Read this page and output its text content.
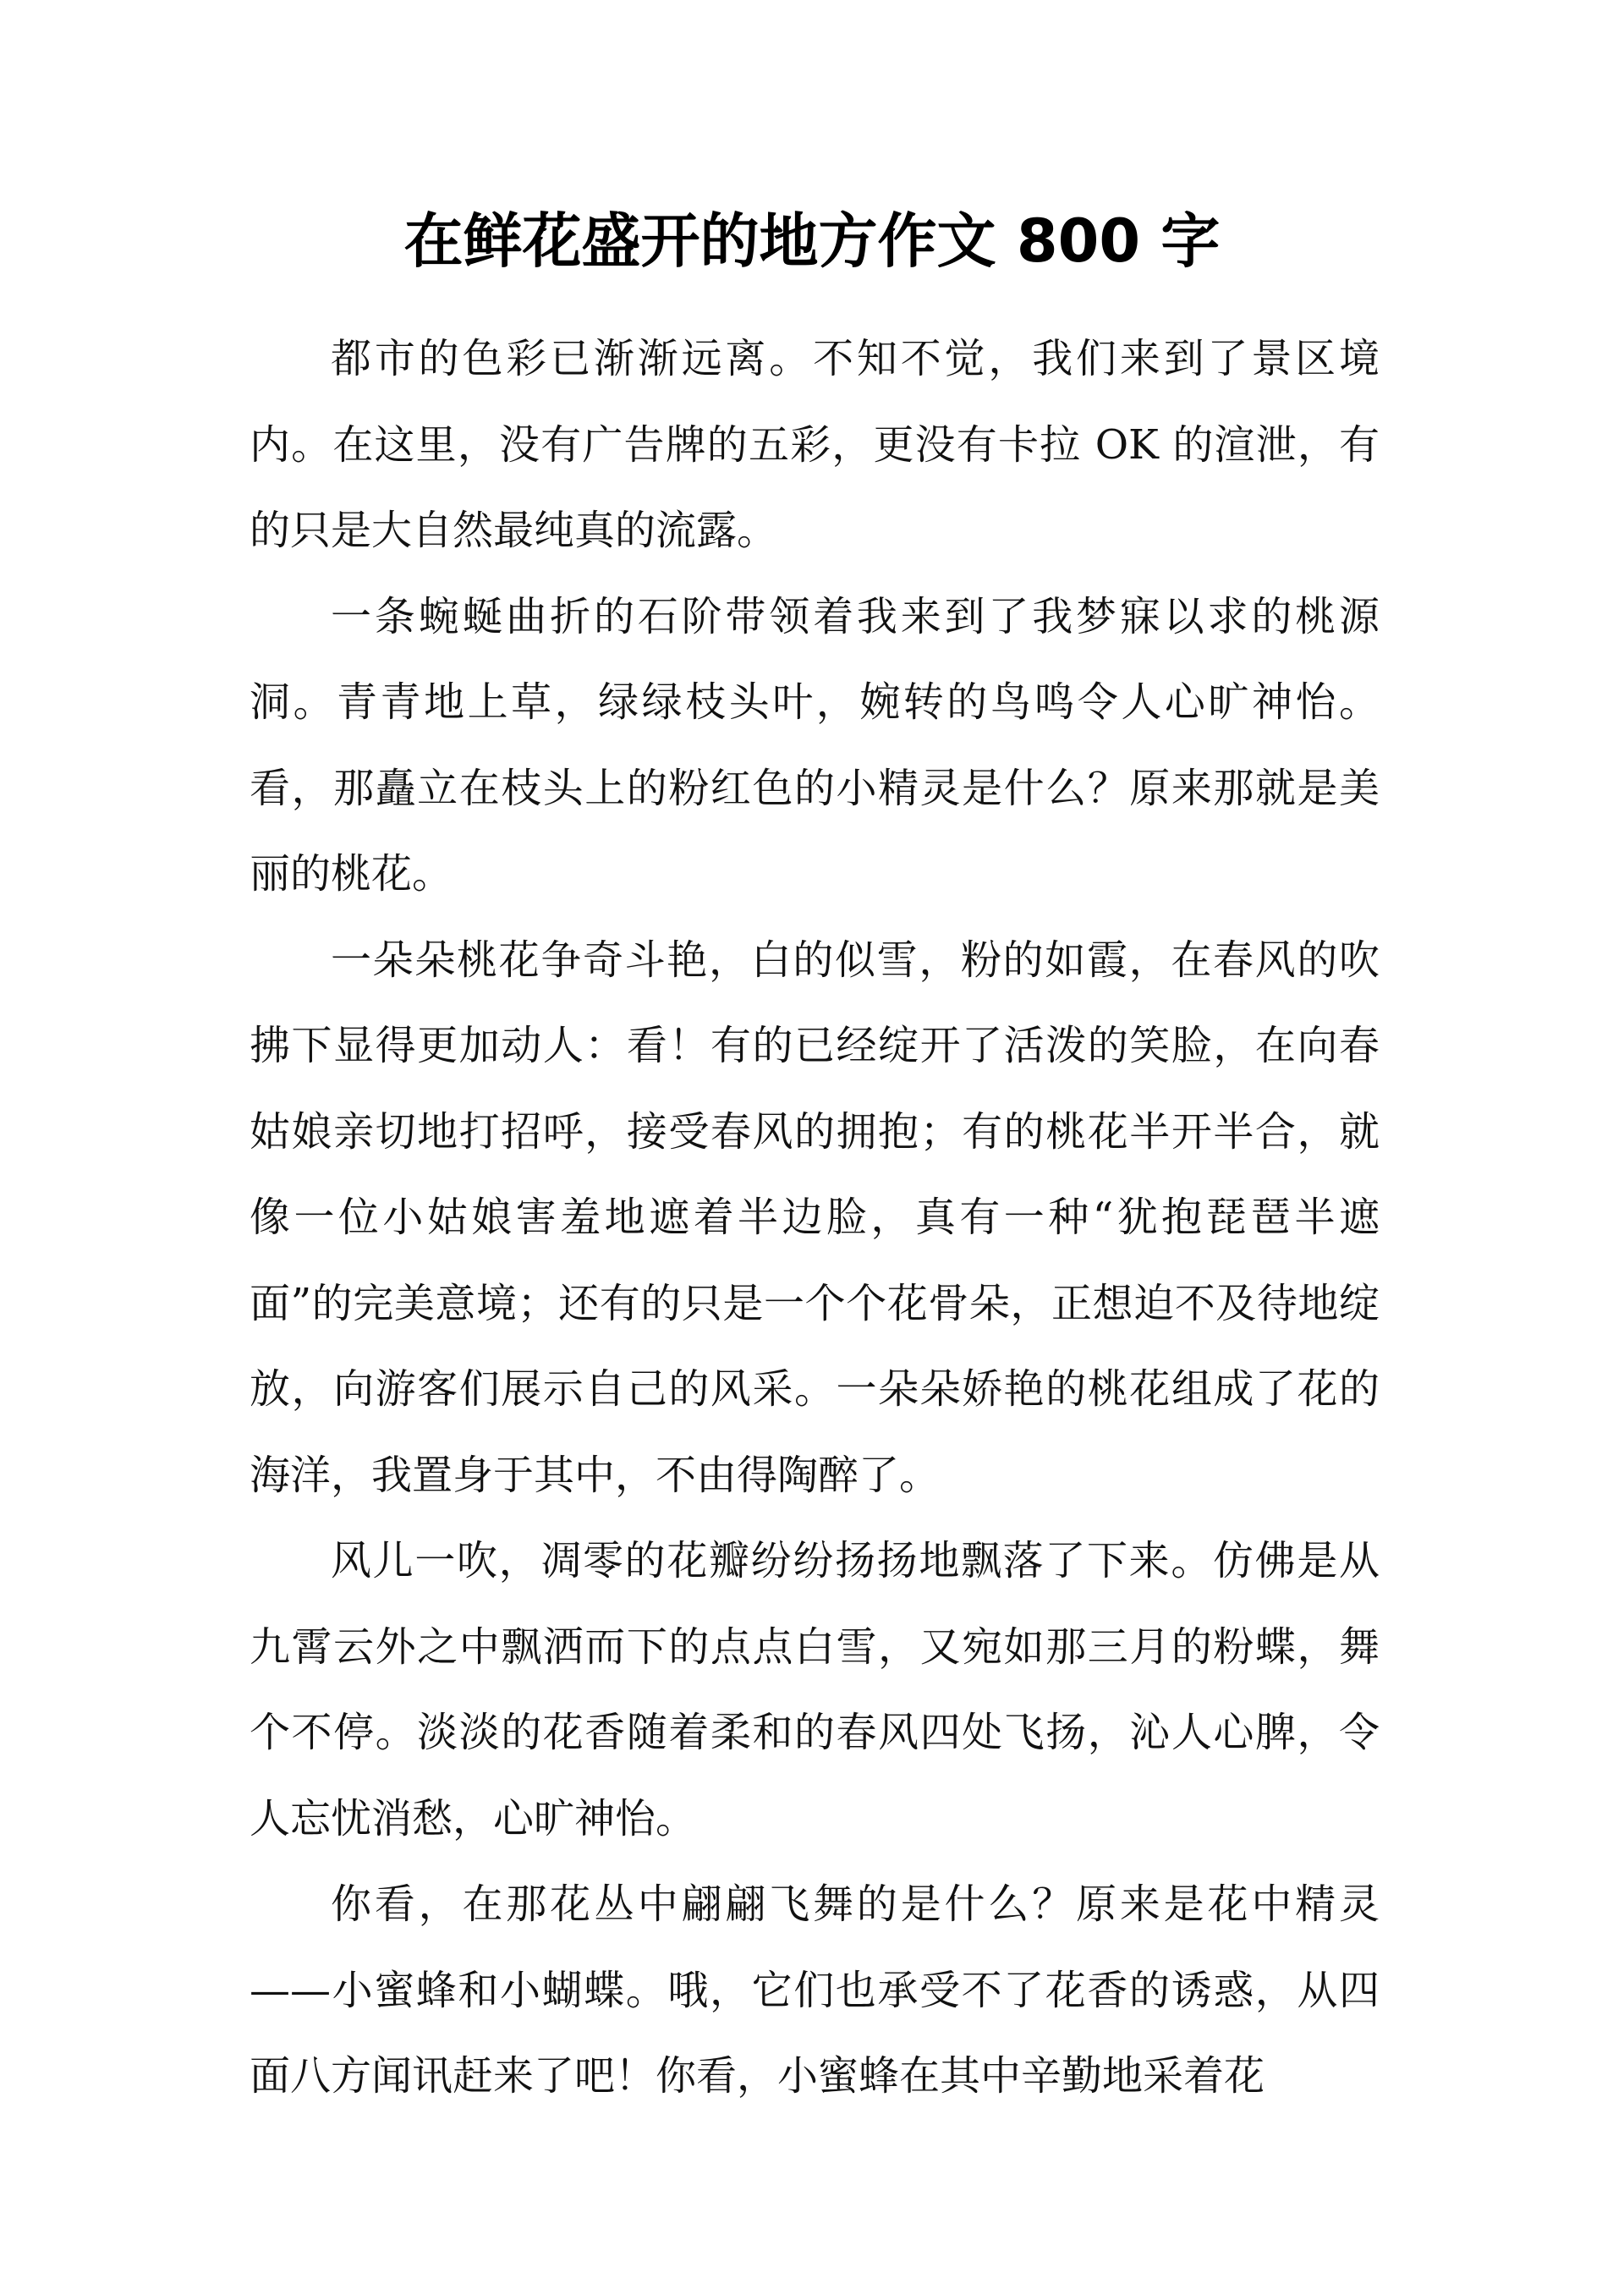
在鲜花盛开的地方作文 800 字

都市的色彩已渐渐远离。不知不觉，我们来到了景区境内。在这里，没有广告牌的五彩，更没有卡拉 OK 的渲泄，有的只是大自然最纯真的流露。

一条蜿蜒曲折的石阶带领着我来到了我梦寐以求的桃源洞。青青地上草，绿绿枝头叶，婉转的鸟鸣令人心旷神怡。看，那矗立在枝头上的粉红色的小精灵是什么？原来那就是美丽的桃花。

一朵朵桃花争奇斗艳，白的似雪，粉的如霞，在春风的吹拂下显得更加动人：看！有的已经绽开了活泼的笑脸，在向春姑娘亲切地打招呼，接受春风的拥抱；有的桃花半开半合，就像一位小姑娘害羞地遮着半边脸，真有一种“犹抱琵琶半遮面”的完美意境；还有的只是一个个花骨朵，正想迫不及待地绽放，向游客们展示自己的风采。一朵朵娇艳的桃花组成了花的海洋，我置身于其中，不由得陶醉了。

风儿一吹，凋零的花瓣纷纷扬扬地飘落了下来。仿佛是从九霄云外之中飘洒而下的点点白雪，又宛如那三月的粉蝶，舞个不停。淡淡的花香随着柔和的春风四处飞扬，沁人心脾，令人忘忧消愁，心旷神怡。

你看，在那花丛中翩翩飞舞的是什么？原来是花中精灵——小蜜蜂和小蝴蝶。哦，它们也承受不了花香的诱惑，从四面八方闻讯赶来了吧！你看，小蜜蜂在其中辛勤地采着花
